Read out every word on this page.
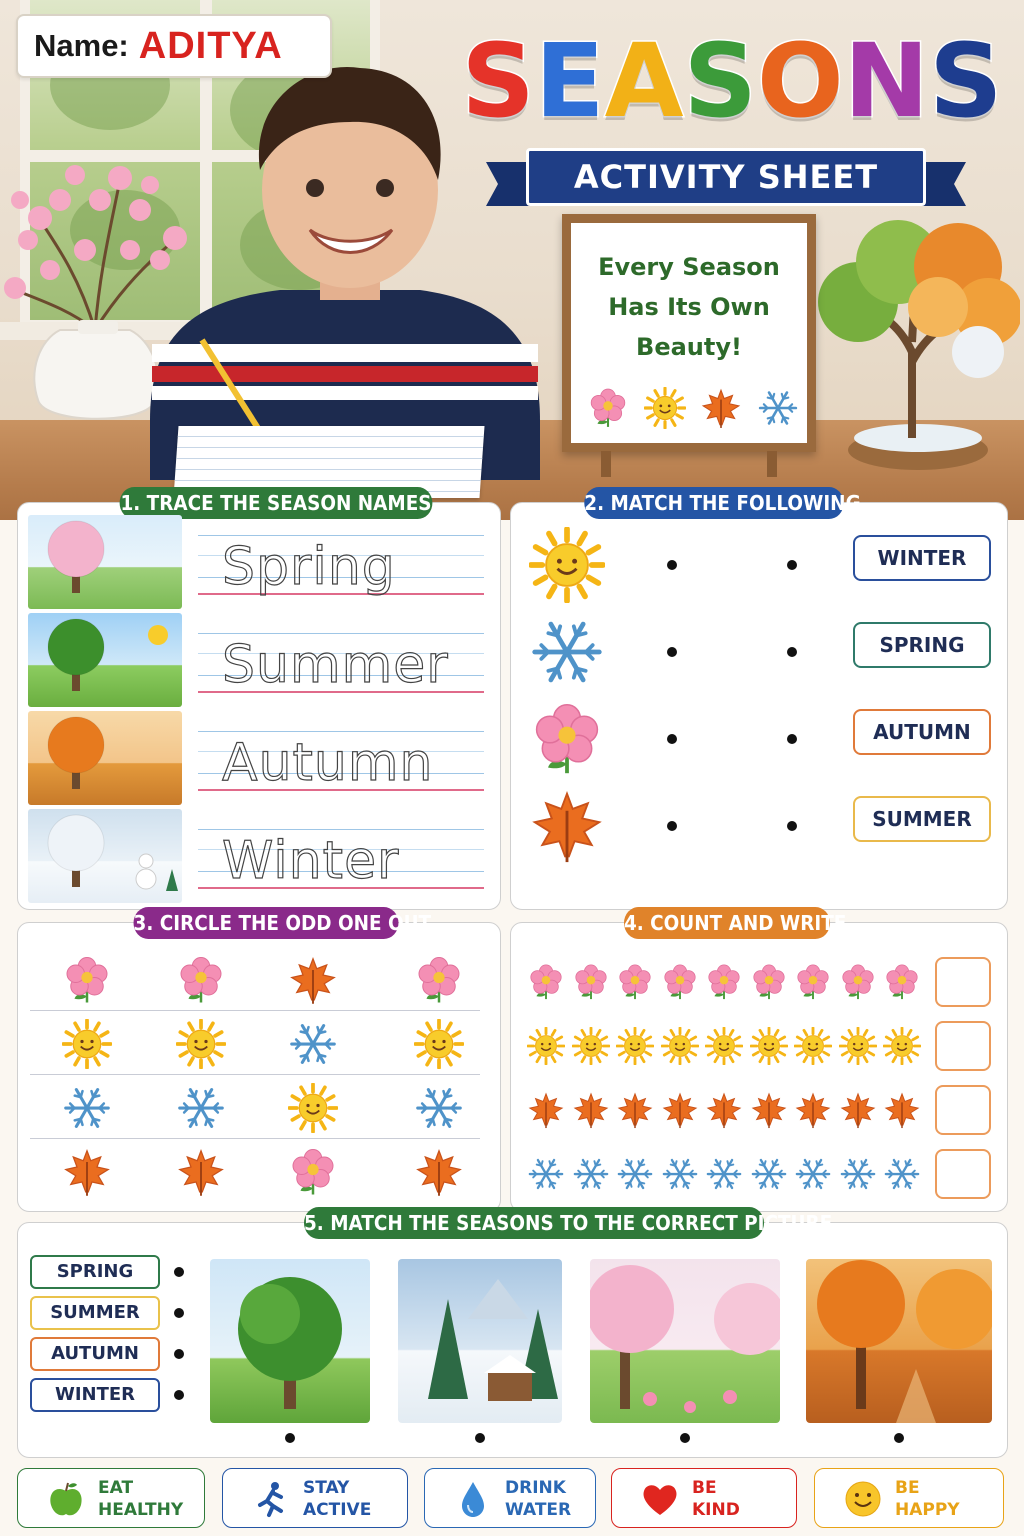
Name: ADITYA S E A S O N S
ACTIVITY SHEET
Every Season
Has Its Own
Beauty!
1. TRACE THE SEASON NAMES
Spring
Summer
Autumn
Winter
2. MATCH THE FOLLOWING
WINTER
SPRING
AUTUMN
SUMMER
3. CIRCLE THE ODD ONE OUT	4. COUNT AND WRITE
5. MATCH THE SEASONS TO THE CORRECT PICTURE
SPRING
SUMMER
AUTUMN
WINTER
EAT
HEALTHY
STAY
ACTIVE
DRINK
WATER
BE
KIND
BE
HAPPY
